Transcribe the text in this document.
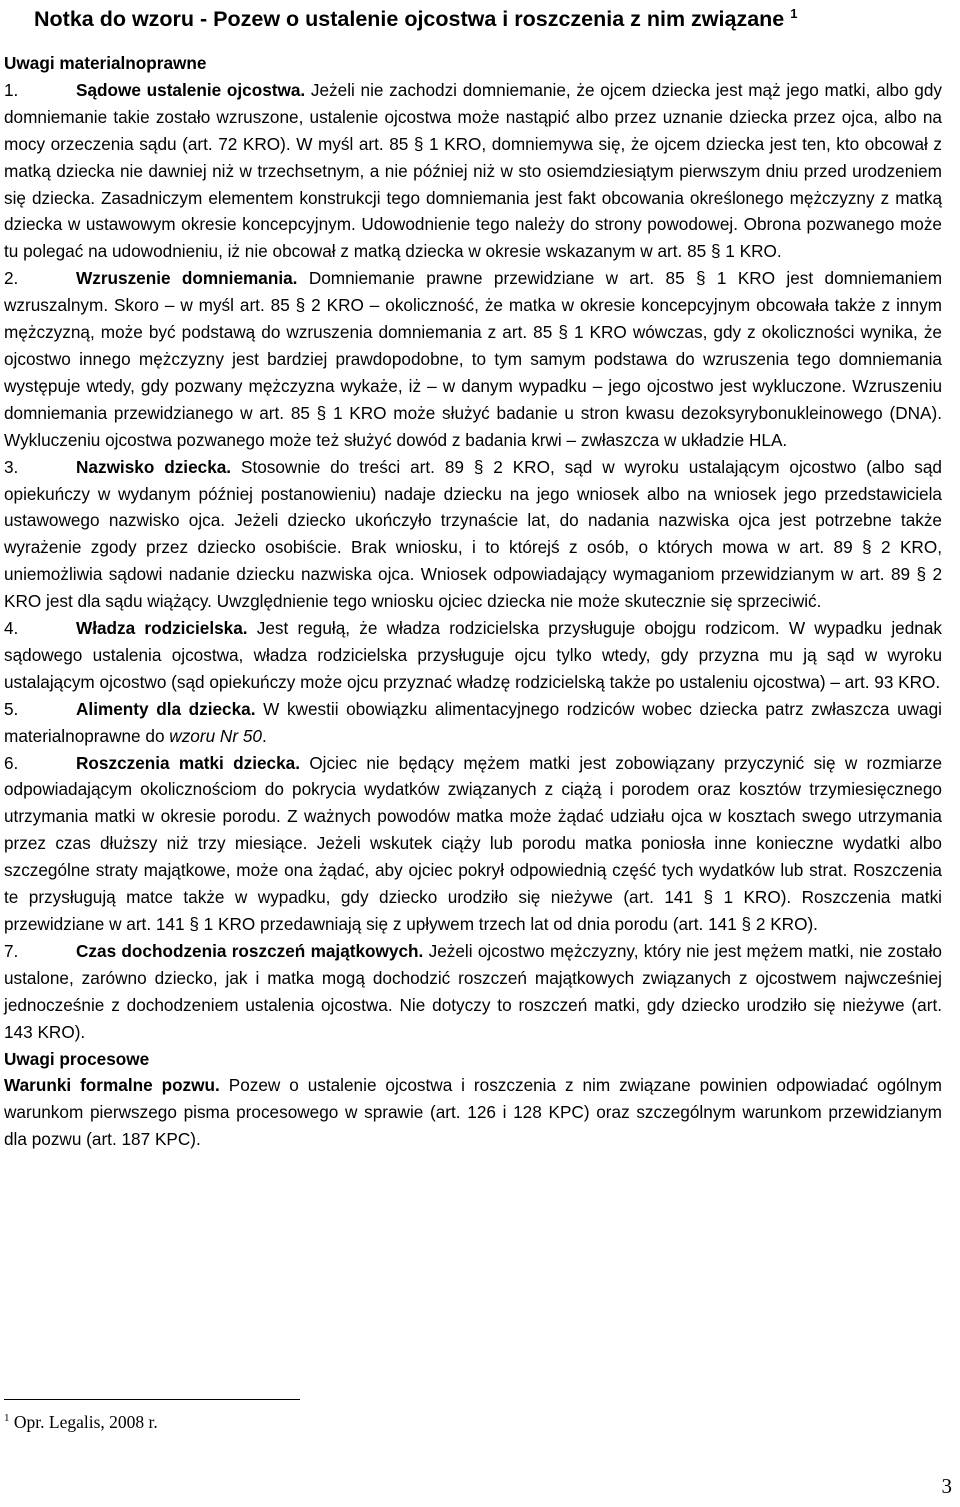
Notka do wzoru - Pozew o ustalenie ojcostwa i roszczenia z nim związane $^1$

Uwagi materialnoprawne

1.	Sądowe ustalenie ojcostwa. Jeżeli nie zachodzi domniemanie, że ojcem dziecka jest mąż jego matki, albo gdy domniemanie takie zostało wzruszone, ustalenie ojcostwa może nastąpić albo przez uznanie dziecka przez ojca, albo na mocy orzeczenia sądu (art. 72 KRO). W myśl art. 85 § 1 KRO, domniemywa się, że ojcem dziecka jest ten, kto obcował z matką dziecka nie dawniej niż w trzechsetnym, a nie później niż w sto osiemdziesiątym pierwszym dniu przed urodzeniem się dziecka. Zasadniczym elementem konstrukcji tego domniemania jest fakt obcowania określonego mężczyzny z matką dziecka w ustawowym okresie koncepcyjnym. Udowodnienie tego należy do strony powodowej. Obrona pozwanego może tu polegać na udowodnieniu, iż nie obcował z matką dziecka w okresie wskazanym w art. 85 § 1 KRO.

2.	Wzruszenie domniemania. Domniemanie prawne przewidziane w art. 85 § 1 KRO jest domniemaniem wzruszalnym. Skoro – w myśl art. 85 § 2 KRO – okoliczność, że matka w okresie koncepcyjnym obcowała także z innym mężczyzną, może być podstawą do wzruszenia domniemania z art. 85 § 1 KRO wówczas, gdy z okoliczności wynika, że ojcostwo innego mężczyzny jest bardziej prawdopodobne, to tym samym podstawa do wzruszenia tego domniemania występuje wtedy, gdy pozwany mężczyzna wykaże, iż – w danym wypadku – jego ojcostwo jest wykluczone. Wzruszeniu domniemania przewidzianego w art. 85 § 1 KRO może służyć badanie u stron kwasu dezoksyrybonukleinowego (DNA). Wykluczeniu ojcostwa pozwanego może też służyć dowód z badania krwi – zwłaszcza w układzie HLA.

3.	Nazwisko dziecka. Stosownie do treści art. 89 § 2 KRO, sąd w wyroku ustalającym ojcostwo (albo sąd opiekuńczy w wydanym później postanowieniu) nadaje dziecku na jego wniosek albo na wniosek jego przedstawiciela ustawowego nazwisko ojca. Jeżeli dziecko ukończyło trzynaście lat, do nadania nazwiska ojca jest potrzebne także wyrażenie zgody przez dziecko osobiście. Brak wniosku, i to którejś z osób, o których mowa w art. 89 § 2 KRO, uniemożliwia sądowi nadanie dziecku nazwiska ojca. Wniosek odpowiadający wymaganiom przewidzianym w art. 89 § 2 KRO jest dla sądu wiążący. Uwzględnienie tego wniosku ojciec dziecka nie może skutecznie się sprzeciwić.

4.	Władza rodzicielska. Jest regułą, że władza rodzicielska przysługuje obojgu rodzicom. W wypadku jednak sądowego ustalenia ojcostwa, władza rodzicielska przysługuje ojcu tylko wtedy, gdy przyzna mu ją sąd w wyroku ustalającym ojcostwo (sąd opiekuńczy może ojcu przyznać władzę rodzicielską także po ustaleniu ojcostwa) – art. 93 KRO.

5.	Alimenty dla dziecka. W kwestii obowiązku alimentacyjnego rodziców wobec dziecka patrz zwłaszcza uwagi materialnoprawne do wzoru Nr 50.

6.	Roszczenia matki dziecka. Ojciec nie będący mężem matki jest zobowiązany przyczynić się w rozmiarze odpowiadającym okolicznościom do pokrycia wydatków związanych z ciążą i porodem oraz kosztów trzymiesięcznego utrzymania matki w okresie porodu. Z ważnych powodów matka może żądać udziału ojca w kosztach swego utrzymania przez czas dłuższy niż trzy miesiące. Jeżeli wskutek ciąży lub porodu matka poniosła inne konieczne wydatki albo szczególne straty majątkowe, może ona żądać, aby ojciec pokrył odpowiednią część tych wydatków lub strat. Roszczenia te przysługują matce także w wypadku, gdy dziecko urodziło się nieżywe (art. 141 § 1 KRO). Roszczenia matki przewidziane w art. 141 § 1 KRO przedawniają się z upływem trzech lat od dnia porodu (art. 141 § 2 KRO).

7.	Czas dochodzenia roszczeń majątkowych. Jeżeli ojcostwo mężczyzny, który nie jest mężem matki, nie zostało ustalone, zarówno dziecko, jak i matka mogą dochodzić roszczeń majątkowych związanych z ojcostwem najwcześniej jednocześnie z dochodzeniem ustalenia ojcostwa. Nie dotyczy to roszczeń matki, gdy dziecko urodziło się nieżywe (art. 143 KRO).

Uwagi procesowe

Warunki formalne pozwu. Pozew o ustalenie ojcostwa i roszczenia z nim związane powinien odpowiadać ogólnym warunkom pierwszego pisma procesowego w sprawie (art. 126 i 128 KPC) oraz szczególnym warunkom przewidzianym dla pozwu (art. 187 KPC).

$^1$ Opr. Legalis, 2008 r.
3
